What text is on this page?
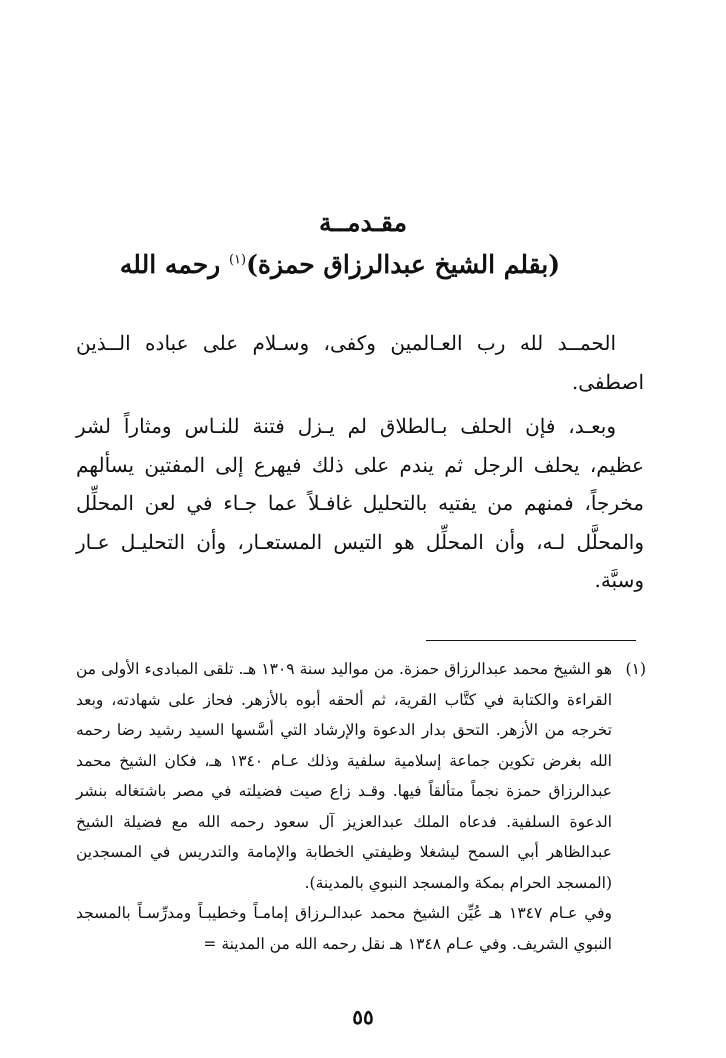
مقـدمــة
(بقلم الشيخ عبدالرزاق حمزة)$^{(١)}$ رحمه الله

الحمــد لله رب العـالمين وكفى، وسـلام على عباده الــذين اصطفى.

وبعـد، فإن الحلف بـالطلاق لم يـزل فتنة للنـاس ومثاراً لشر عظيم، يحلف الرجل ثم يندم على ذلك فيهرع إلى المفتين يسألهم مخرجاً، فمنهم من يفتيه بالتحليل غافـلاً عما جـاء في لعن المحلِّل والمحلَّل لـه، وأن المحلِّل هو التيس المستعـار، وأن التحليـل عـار وسبَّة.

(١)
هو الشيخ محمد عبدالرزاق حمزة. من مواليد سنة ١٣٠٩ هـ. تلقى المبادىء الأولى من القراءة والكتابة في كتَّاب القرية، ثم ألحقه أبوه بالأزهر. فحاز على شهادته، وبعد تخرجه من الأزهر. التحق بدار الدعوة والإرشاد التي أسَّسها السيد رشيد رضا رحمه الله بغرض تكوين جماعة إسلامية سلفية وذلك عـام ١٣٤٠ هـ، فكان الشيخ محمد عبدالرزاق حمزة نجماً متألقاً فيها. وقـد زاع صيت فضيلته في مصر باشتغاله بنشر الدعوة السلفية. فدعاه الملك عبدالعزيز آل سعود رحمه الله مع فضيلة الشيخ عبدالظاهر أبي السمح ليشغلا وظيفتي الخطابة والإمامة والتدريس في المسجدين (المسجد الحرام بمكة والمسجد النبوي بالمدينة).

وفي عـام ١٣٤٧ هـ عُيِّن الشيخ محمد عبدالـرزاق إمامـاً وخطيبـاً ومدرِّسـاً بالمسجد النبوي الشريف. وفي عـام ١٣٤٨ هـ نقل رحمه الله من المدينة =

٥٥
